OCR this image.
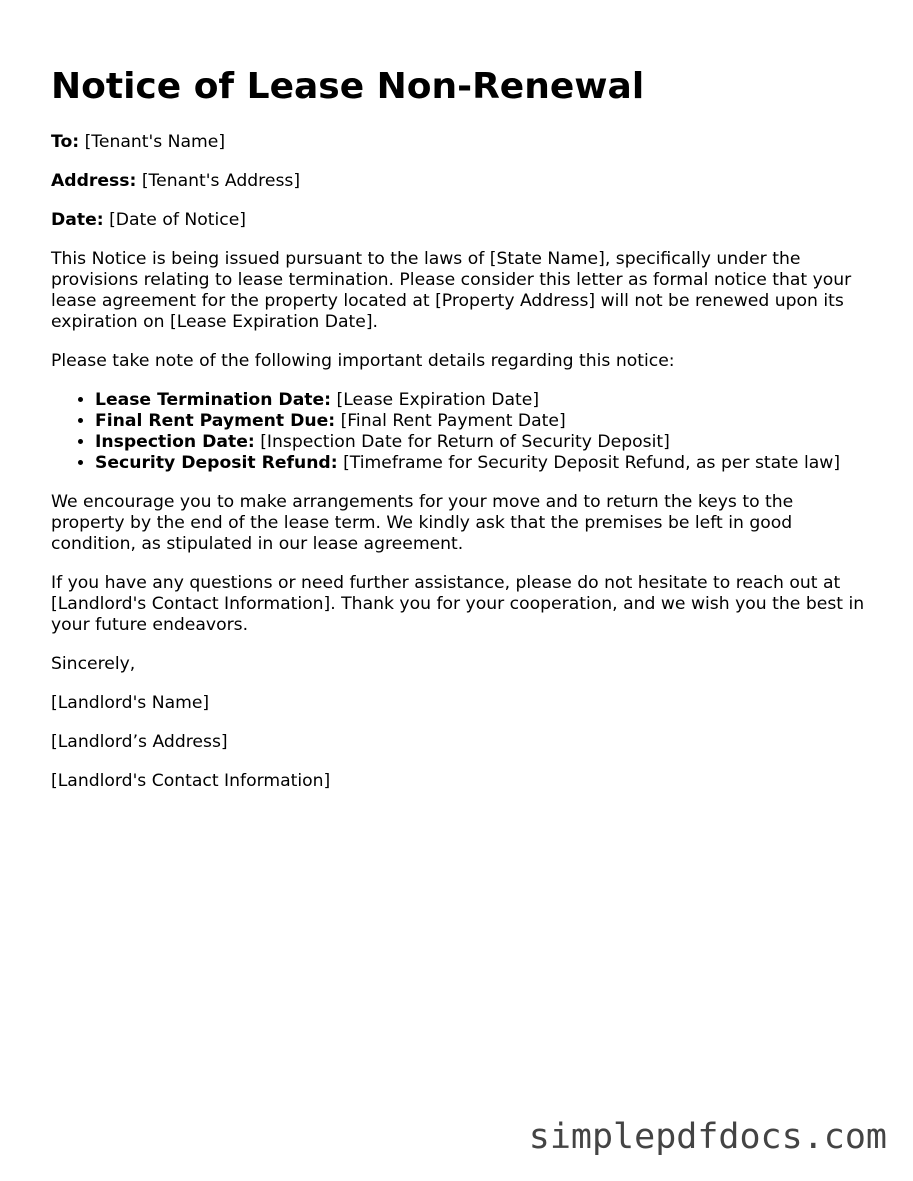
Notice of Lease Non-Renewal

To: [Tenant's Name]

Address: [Tenant's Address]

Date: [Date of Notice]

This Notice is being issued pursuant to the laws of [State Name], specifically under the provisions relating to lease termination. Please consider this letter as formal notice that your lease agreement for the property located at [Property Address] will not be renewed upon its expiration on [Lease Expiration Date].

Please take note of the following important details regarding this notice:

• Lease Termination Date: [Lease Expiration Date]
• Final Rent Payment Due: [Final Rent Payment Date]
• Inspection Date: [Inspection Date for Return of Security Deposit]
• Security Deposit Refund: [Timeframe for Security Deposit Refund, as per state law]

We encourage you to make arrangements for your move and to return the keys to the property by the end of the lease term. We kindly ask that the premises be left in good condition, as stipulated in our lease agreement.

If you have any questions or need further assistance, please do not hesitate to reach out at [Landlord's Contact Information]. Thank you for your cooperation, and we wish you the best in your future endeavors.

Sincerely,

[Landlord's Name]

[Landlord’s Address]

[Landlord's Contact Information]

simplepdfdocs.com
